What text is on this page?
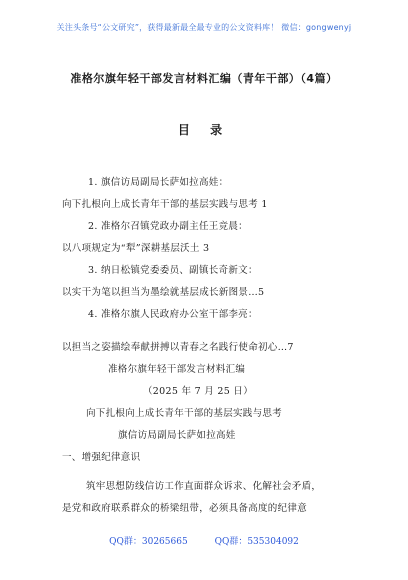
关注头条号“公文研究”，获得最新最全最专业的公文资料库！ 微信：gongwenyj
准格尔旗年轻干部发言材料汇编（青年干部）（4篇）
目 录
1. 旗信访局副局长萨如拉高娃：
向下扎根向上成长青年干部的基层实践与思考 1
2. 准格尔召镇党政办副主任王竞晨：
以八项规定为“犁”深耕基层沃土 3
3. 纳日松镇党委委员、副镇长奇新文：
以实干为笔以担当为墨绘就基层成长新图景…5
4. 准格尔旗人民政府办公室干部李亮：
以担当之姿描绘奉献拼搏以青春之名践行使命初心…7
准格尔旗年轻干部发言材料汇编
（2025 年 7 月 25 日）
向下扎根向上成长青年干部的基层实践与思考
旗信访局副局长萨如拉高娃
一、增强纪律意识
筑牢思想防线信访工作直面群众诉求、化解社会矛盾，
是党和政府联系群众的桥梁纽带，必须具备高度的纪律意
QQ群：30265665	QQ群：535304092
